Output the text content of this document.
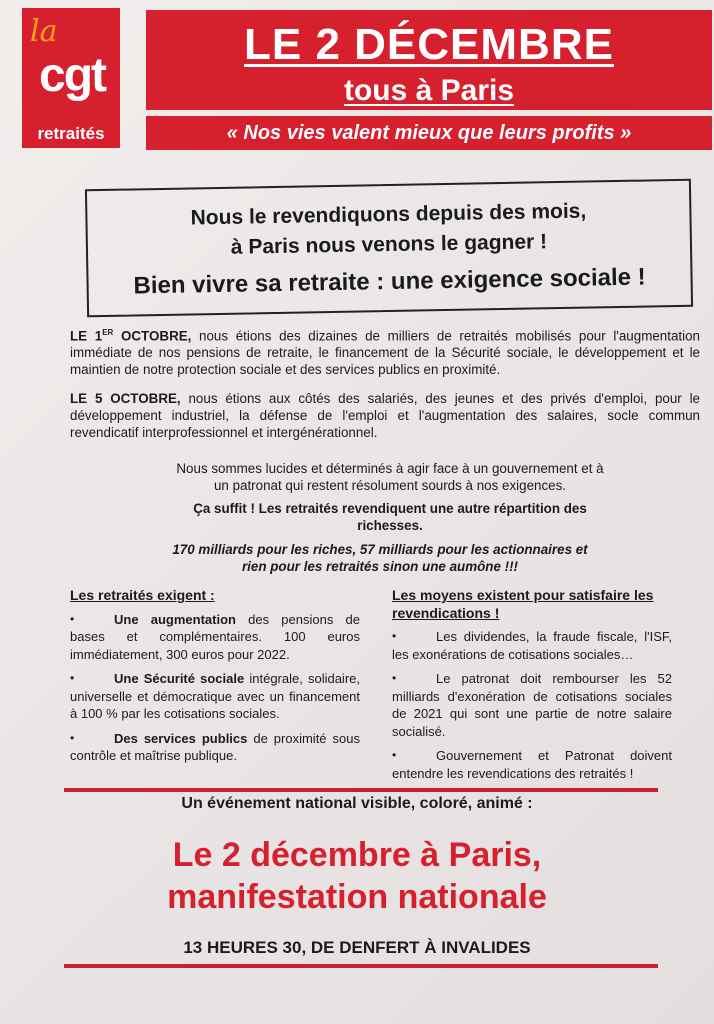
la
cgt
retraités
LE 2 DÉCEMBRE
tous à Paris
« Nos vies valent mieux que leurs profits »
Nous le revendiquons depuis des mois,
à Paris nous venons le gagner !
Bien vivre sa retraite : une exigence sociale !
LE 1ER OCTOBRE, nous étions des dizaines de milliers de retraités mobilisés pour l'augmentation immédiate de nos pensions de retraite, le financement de la Sécurité sociale, le développement et le maintien de notre protection sociale et des services publics en proximité.
LE 5 OCTOBRE, nous étions aux côtés des salariés, des jeunes et des privés d'emploi, pour le développement industriel, la défense de l'emploi et l'augmentation des salaires, socle commun revendicatif interprofessionnel et intergénérationnel.
Nous sommes lucides et déterminés à agir face à un gouvernement et à un patronat qui restent résolument sourds à nos exigences.
Ça suffit ! Les retraités revendiquent une autre répartition des richesses.
170 milliards pour les riches, 57 milliards pour les actionnaires et rien pour les retraités sinon une aumône !!!
Les retraités exigent :
•	Une augmentation des pensions de bases et complémentaires. 100 euros immédiatement, 300 euros pour 2022.
•	Une Sécurité sociale intégrale, solidaire, universelle et démocratique avec un financement à 100 % par les cotisations sociales.
•	Des services publics de proximité sous contrôle et maîtrise publique.
Les moyens existent pour satisfaire les revendications !
•	Les dividendes, la fraude fiscale, l'ISF, les exonérations de cotisations sociales…
•	Le patronat doit rembourser les 52 milliards d'exonération de cotisations sociales de 2021 qui sont une partie de notre salaire socialisé.
•	Gouvernement et Patronat doivent entendre les revendications des retraités !
Un événement national visible, coloré, animé :
Le 2 décembre à Paris,
manifestation nationale
13 HEURES 30, DE DENFERT À INVALIDES
